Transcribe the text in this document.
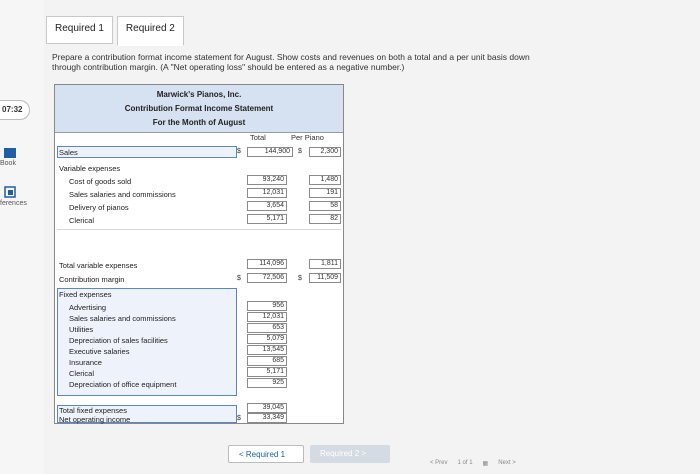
07:32
Book
ferences
Required 1	Required 2
Prepare a contribution format income statement for August. Show costs and revenues on both a total and a per unit basis down through contribution margin. (A "Net operating loss" should be entered as a negative number.)
Marwick's Pianos, Inc.
Contribution Format Income Statement
For the Month of August
Total	Per Piano
Sales	$	144,900	$	2,300
Variable expenses
Cost of goods sold	93,240	1,480
Sales salaries and commissions	12,031	191
Delivery of pianos	3,654	58
Clerical	5,171	82
Total variable expenses	114,096	1,811
Contribution margin	$	72,506	$	11,509
Fixed expenses
Advertising	956
Sales salaries and commissions	12,031
Utilities	653
Depreciation of sales facilities	5,079
Executive salaries	13,545
Insurance	685
Clerical	5,171
Depreciation of office equipment	925
Total fixed expenses	39,045
Net operating income	$	33,349
< Required 1	Required 2 >
< Prev 1 of 1 ▦ Next >
